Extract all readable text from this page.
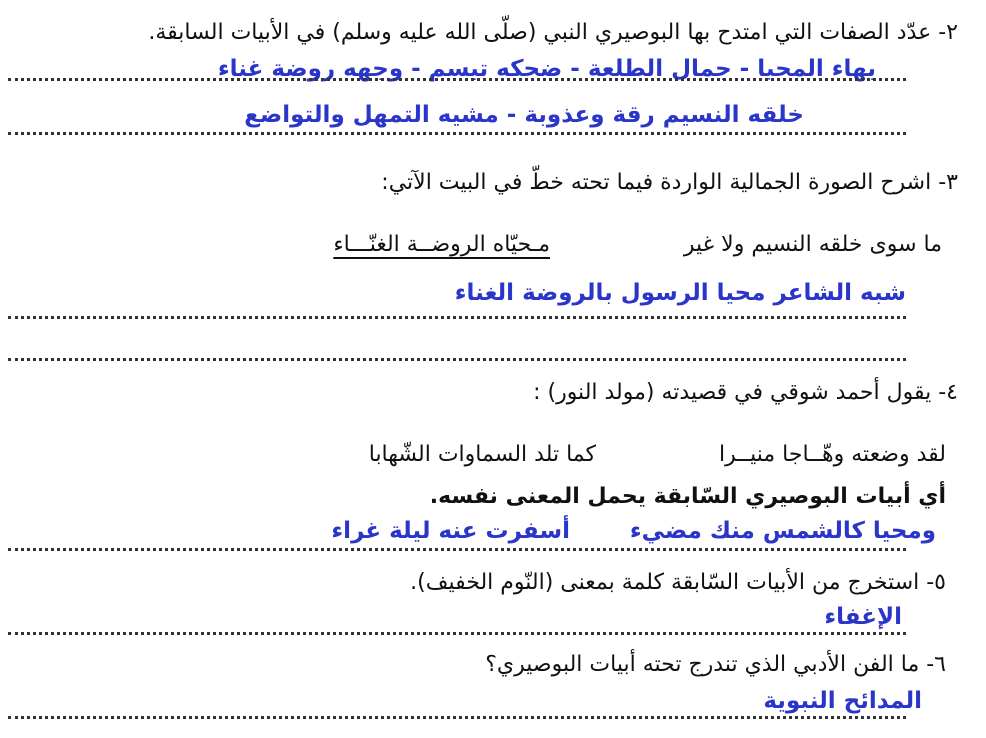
٢- عدّد الصفات التي امتدح بها البوصيري النبي (صلّى الله عليه وسلم) في الأبيات السابقة.
بهاء المحيا - جمال الطلعة - ضحكه تبسم - وجهه روضة غناء
خلقه النسيم رقة وعذوبة - مشيه التمهل والتواضع
٣- اشرح الصورة الجمالية الواردة فيما تحته خطّ في البيت الآتي:
ما سوى خلقه النسيم ولا غير
مـحيّاه الروضــة الغنّـــاء
شبه الشاعر محيا الرسول بالروضة الغناء
٤- يقول أحمد شوقي في قصيدته (مولد النور) :
لقد وضعته وهّــاجا منيــرا
كما تلد السماوات الشّهابا
أي أبيات البوصيري السّابقة يحمل المعنى نفسه.
ومحيا كالشمس منك مضيء
أسفرت عنه ليلة غراء
٥- استخرج من الأبيات السّابقة كلمة بمعنى (النّوم الخفيف).
الإغفاء
٦- ما الفن الأدبي الذي تندرج تحته أبيات البوصيري؟
المدائح النبوية
